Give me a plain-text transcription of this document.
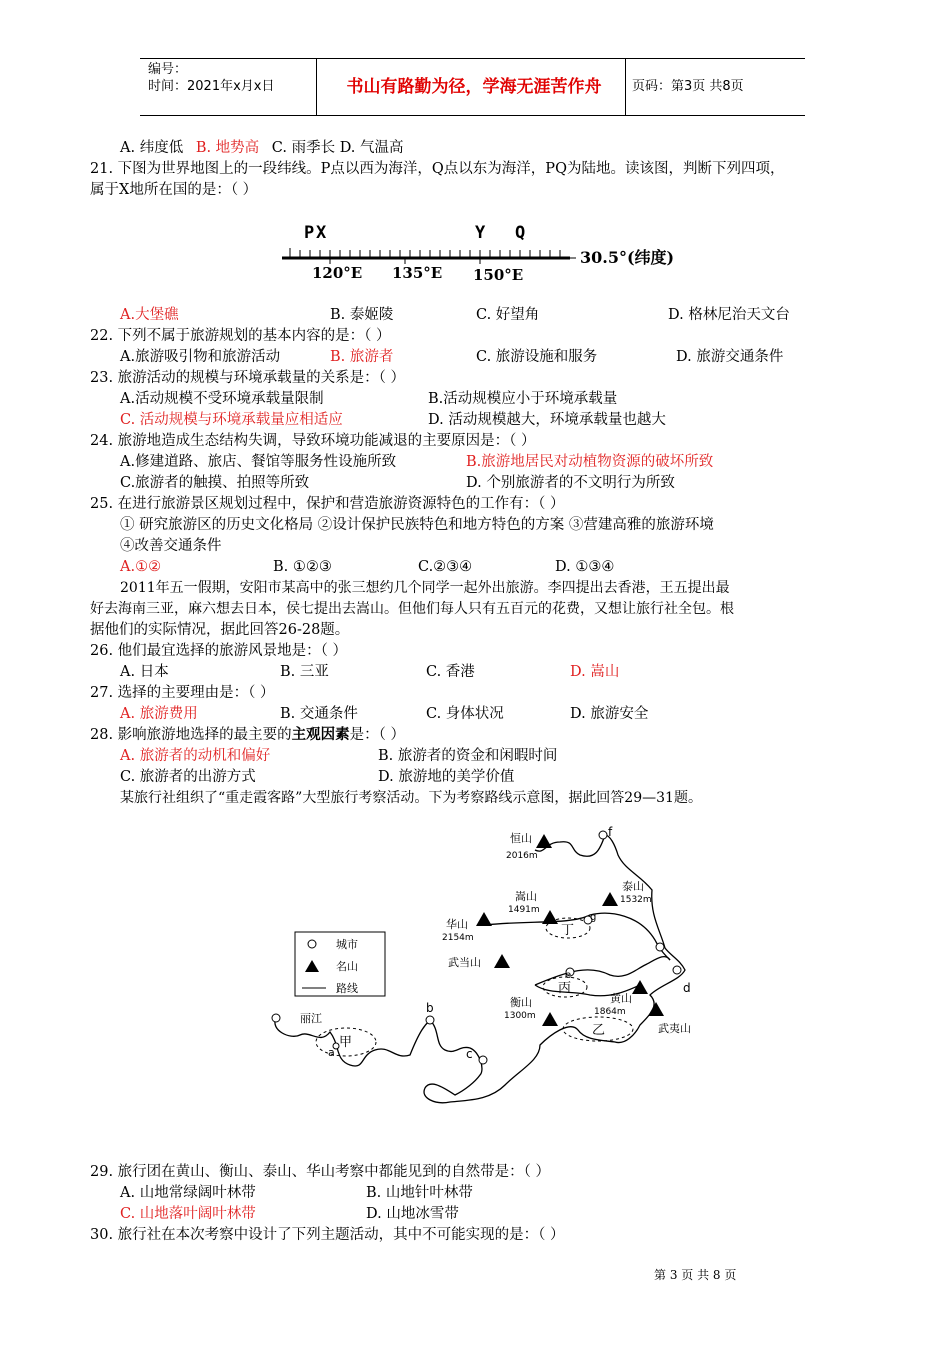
编号：
时间：2021年x月x日	书山有路勤为径，学海无涯苦作舟	页码：第3页 共8页
A. 纬度低 B. 地势高 C. 雨季长 D. 气温高
21. 下图为世界地图上的一段纬线。P点以西为海洋，Q点以东为海洋，PQ为陆地。读该图，判断下列四项，
属于X地所在国的是：（ ）
P X	Y Q
120°E 135°E 150°E
30.5°(纬度)
A.大堡礁	B. 泰姬陵	C. 好望角	D. 格林尼治天文台
22. 下列不属于旅游规划的基本内容的是：（ ）
A.旅游吸引物和旅游活动	B. 旅游者	C. 旅游设施和服务	D. 旅游交通条件
23. 旅游活动的规模与环境承载量的关系是：（ ）
A.活动规模不受环境承载量限制	B.活动规模应小于环境承载量
C. 活动规模与环境承载量应相适应	D. 活动规模越大，环境承载量也越大
24. 旅游地造成生态结构失调，导致环境功能减退的主要原因是：（ ）
A.修建道路、旅店、餐馆等服务性设施所致	B.旅游地居民对动植物资源的破坏所致
C.旅游者的触摸、拍照等所致	D. 个别旅游者的不文明行为所致
25. 在进行旅游景区规划过程中，保护和营造旅游资源特色的工作有：（ ）
① 研究旅游区的历史文化格局 ②设计保护民族特色和地方特色的方案 ③营建高雅的旅游环境
④改善交通条件
A.①②	B. ①②③	C.②③④	D. ①③④
2011年五一假期，安阳市某高中的张三想约几个同学一起外出旅游。李四提出去香港，王五提出最
好去海南三亚，麻六想去日本，侯七提出去嵩山。但他们每人只有五百元的花费，又想让旅行社全包。根
据他们的实际情况，据此回答26-28题。
26. 他们最宜选择的旅游风景地是：（ ）
A. 日本	B. 三亚	C. 香港	D. 嵩山
27. 选择的主要理由是：（ ）
A. 旅游费用	B. 交通条件	C. 身体状况	D. 旅游安全
28. 影响旅游地选择的最主要的主观因素是：（ ）
A. 旅游者的动机和偏好	B. 旅游者的资金和闲暇时间
C. 旅游者的出游方式	D. 旅游地的美学价值
某旅行社组织了“重走霞客路”大型旅行考察活动。下为考察路线示意图，据此回答29—31题。
城市
名山
路线
甲
乙
丙
丁
丽江
a
b
c
d
e
f
g
恒山
2016m
泰山
1532m
嵩山
1491m
华山
2154m
武当山
衡山
1300m
黄山
1864m
武夷山
29. 旅行团在黄山、衡山、泰山、华山考察中都能见到的自然带是：（ ）
A. 山地常绿阔叶林带	B. 山地针叶林带
C. 山地落叶阔叶林带	D. 山地冰雪带
30. 旅行社在本次考察中设计了下列主题活动，其中不可能实现的是：（ ）
第 3 页 共 8 页
